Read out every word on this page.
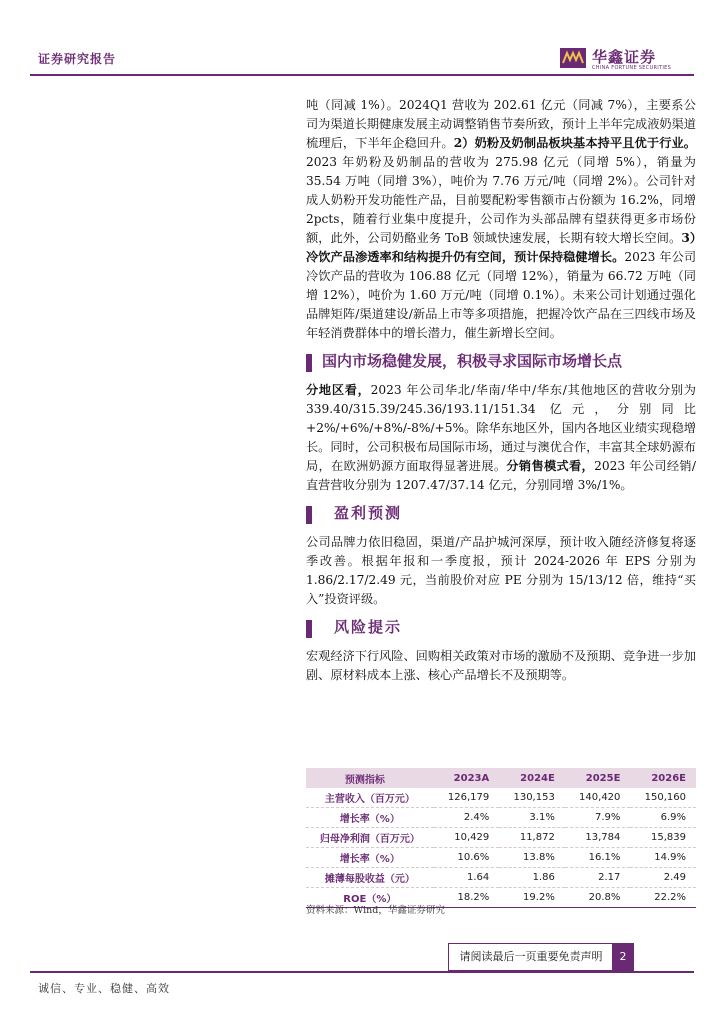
证券研究报告	华鑫证券
CHINA FORTUNE SECURITIES

吨（同减 1%）。2024Q1 营收为 202.61 亿元（同减 7%），主要系公司为渠道长期健康发展主动调整销售节奏所致，预计上半年完成液奶渠道梳理后，下半年企稳回升。2）奶粉及奶制品板块基本持平且优于行业。2023 年奶粉及奶制品的营收为 275.98 亿元（同增 5%），销量为 35.54 万吨（同增 3%），吨价为 7.76 万元/吨（同增 2%）。公司针对成人奶粉开发功能性产品，目前婴配粉零售额市占份额为 16.2%，同增 2pcts，随着行业集中度提升，公司作为头部品牌有望获得更多市场份额，此外，公司奶酪业务 ToB 领域快速发展，长期有较大增长空间。3）冷饮产品渗透率和结构提升仍有空间，预计保持稳健增长。2023 年公司冷饮产品的营收为 106.88 亿元（同增 12%），销量为 66.72 万吨（同增 12%），吨价为 1.60 万元/吨（同增 0.1%）。未来公司计划通过强化品牌矩阵/渠道建设/新品上市等多项措施，把握冷饮产品在三四线市场及年轻消费群体中的增长潜力，催生新增长空间。

国内市场稳健发展，积极寻求国际市场增长点

分地区看，2023 年公司华北/华南/华中/华东/其他地区的营收分别为 339.40/315.39/245.36/193.11/151.34 亿元，分别同比+2%/+6%/+8%/-8%/+5%。除华东地区外，国内各地区业绩实现稳增长。同时，公司积极布局国际市场，通过与澳优合作，丰富其全球奶源布局，在欧洲奶源方面取得显著进展。分销售模式看，2023 年公司经销/直营营收分别为 1207.47/37.14 亿元，分别同增 3%/1%。

盈利预测

公司品牌力依旧稳固，渠道/产品护城河深厚，预计收入随经济修复将逐季改善。根据年报和一季度报，预计 2024-2026 年 EPS 分别为 1.86/2.17/2.49 元，当前股价对应 PE 分别为 15/13/12 倍，维持“买入”投资评级。

风险提示

宏观经济下行风险、回购相关政策对市场的激励不及预期、竞争进一步加剧、原材料成本上涨、核心产品增长不及预期等。

预测指标	2023A	2024E	2025E	2026E
主营收入（百万元）	126,179	130,153	140,420	150,160
增长率（%）	2.4%	3.1%	7.9%	6.9%
归母净利润（百万元）	10,429	11,872	13,784	15,839
增长率（%）	10.6%	13.8%	16.1%	14.9%
摊薄每股收益（元）	1.64	1.86	2.17	2.49
ROE（%）	18.2%	19.2%	20.8%	22.2%
资料来源：Wind，华鑫证券研究
请阅读最后一页重要免责声明	2
诚信、专业、稳健、高效
